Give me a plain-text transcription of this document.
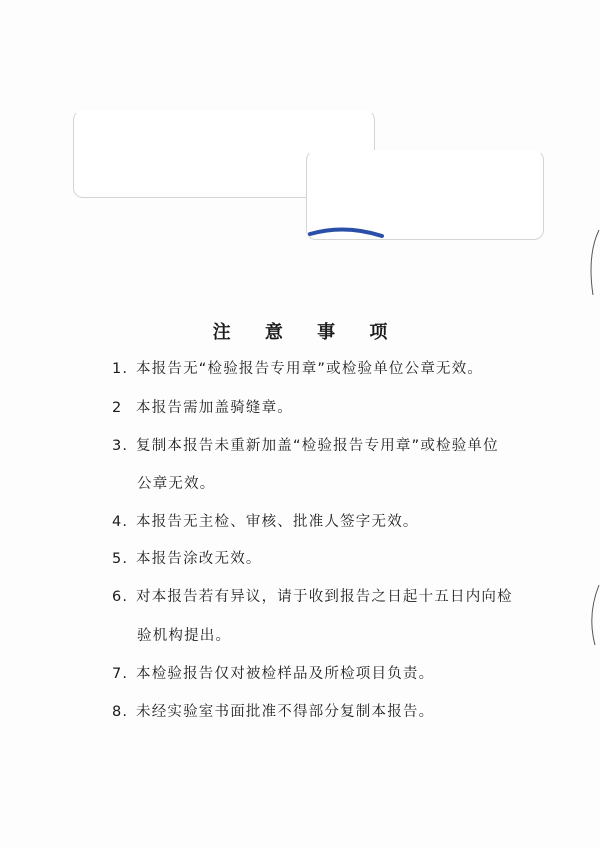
注 意 事 项
1. 本报告无“检验报告专用章”或检验单位公章无效。
2 本报告需加盖骑缝章。
3. 复制本报告未重新加盖“检验报告专用章”或检验单位
公章无效。
4. 本报告无主检、审核、批准人签字无效。
5. 本报告涂改无效。
6. 对本报告若有异议，请于收到报告之日起十五日内向检
验机构提出。
7. 本检验报告仅对被检样品及所检项目负责。
8. 未经实验室书面批准不得部分复制本报告。
